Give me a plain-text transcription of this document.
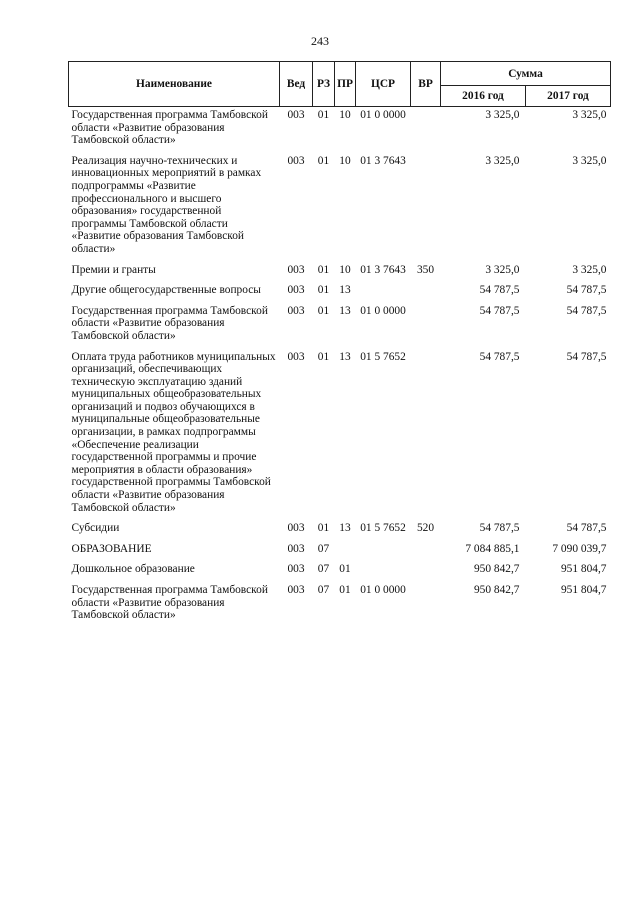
243
Наименование	Вед	РЗ	ПР	ЦСР	ВР	Сумма	
						2016 год	2017 год
Государственная программа Тамбовской области «Развитие образования Тамбовской области»	003	01	10	01 0 0000		3 325,0	3 325,0
Реализация научно-технических и инновационных мероприятий в рамках подпрограммы «Развитие профессионального и высшего образования» государственной программы Тамбовской области «Развитие образования Тамбовской области»	003	01	10	01 3 7643		3 325,0	3 325,0
Премии и гранты	003	01	10	01 3 7643	350	3 325,0	3 325,0
Другие общегосударственные вопросы	003	01	13			54 787,5	54 787,5
Государственная программа Тамбовской области «Развитие образования Тамбовской области»	003	01	13	01 0 0000		54 787,5	54 787,5
Оплата труда работников муниципальных организаций, обеспечивающих техническую эксплуатацию зданий муниципальных общеобразовательных организаций и подвоз обучающихся в муниципальные общеобразовательные организации, в рамках подпрограммы «Обеспечение реализации государственной программы и прочие мероприятия в области образования» государственной программы Тамбовской области «Развитие образования Тамбовской области»	003	01	13	01 5 7652		54 787,5	54 787,5
Субсидии	003	01	13	01 5 7652	520	54 787,5	54 787,5
ОБРАЗОВАНИЕ	003	07				7 084 885,1	7 090 039,7
Дошкольное образование	003	07	01			950 842,7	951 804,7
Государственная программа Тамбовской области «Развитие образования Тамбовской области»	003	07	01	01 0 0000		950 842,7	951 804,7
